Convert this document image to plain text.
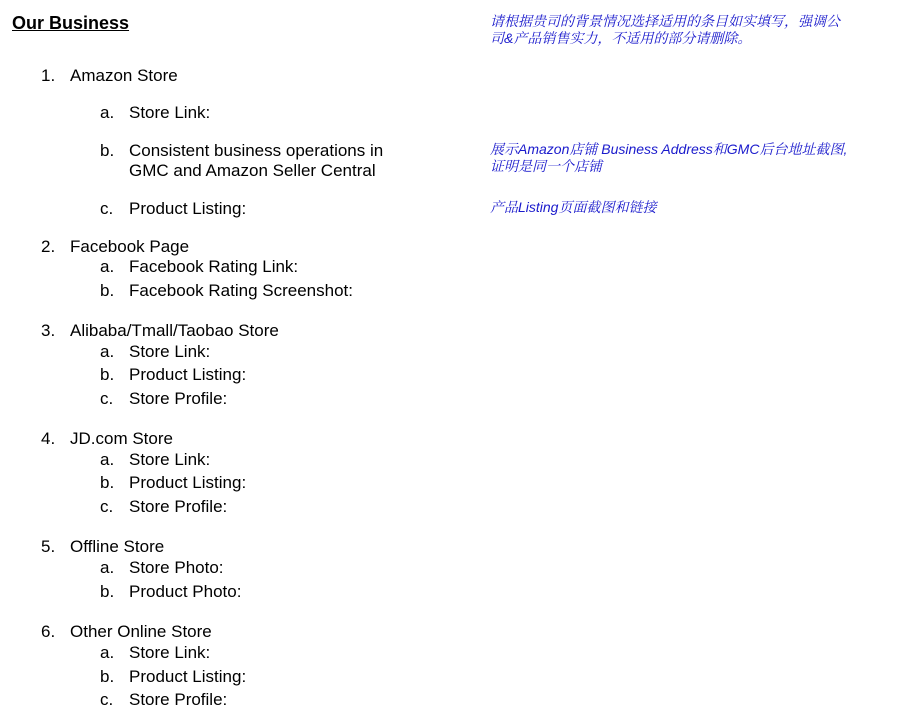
Our Business	请根据贵司的背景情况选择适用的条目如实填写，强调公
司&产品销售实力，不适用的部分请删除。
展示Amazon店铺 Business Address和GMC后台地址截图,
证明是同一个店铺
产品Listing页面截图和链接
1. Amazon Store
a. Store Link:
b. Consistent business operations in
GMC and Amazon Seller Central
c. Product Listing:
2. Facebook Page
a. Facebook Rating Link:
b. Facebook Rating Screenshot:
3. Alibaba/Tmall/Taobao Store
a. Store Link:
b. Product Listing:
c. Store Profile:
4. JD.com Store
a. Store Link:
b. Product Listing:
c. Store Profile:
5. Offline Store
a. Store Photo:
b. Product Photo:
6. Other Online Store
a. Store Link:
b. Product Listing:
c. Store Profile:
